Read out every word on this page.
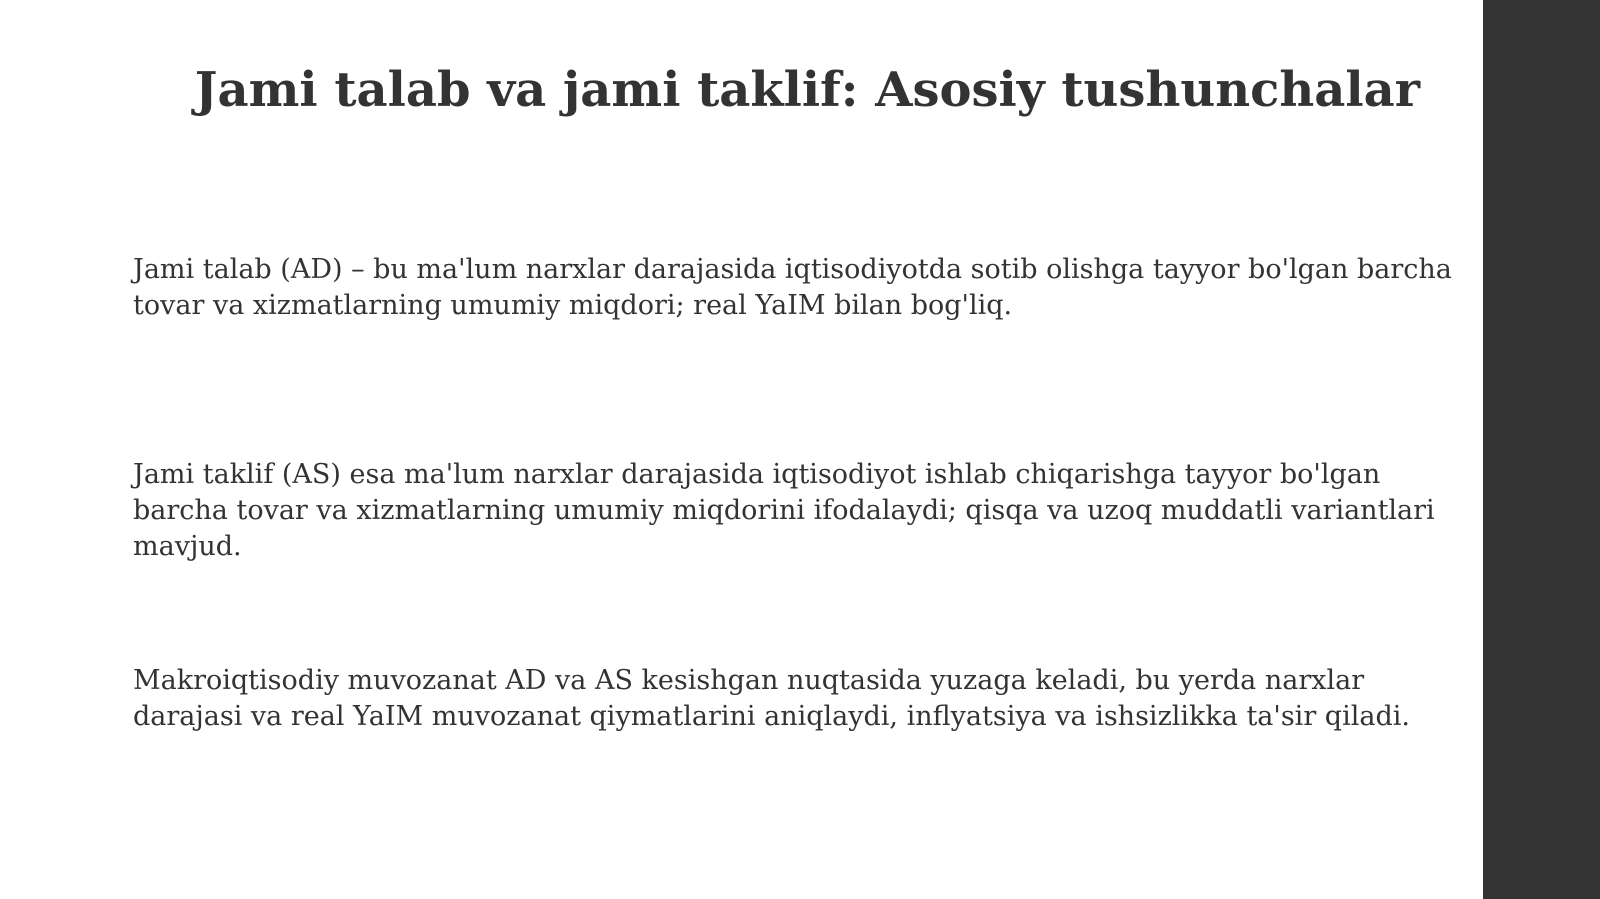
Jami talab va jami taklif: Asosiy tushunchalar

Jami talab (AD) – bu ma'lum narxlar darajasida iqtisodiyotda sotib olishga tayyor bo'lgan barcha tovar va xizmatlarning umumiy miqdori; real YaIM bilan bog'liq.

Jami taklif (AS) esa ma'lum narxlar darajasida iqtisodiyot ishlab chiqarishga tayyor bo'lgan barcha tovar va xizmatlarning umumiy miqdorini ifodalaydi; qisqa va uzoq muddatli variantlari mavjud.

Makroiqtisodiy muvozanat AD va AS kesishgan nuqtasida yuzaga keladi, bu yerda narxlar darajasi va real YaIM muvozanat qiymatlarini aniqlaydi, inflyatsiya va ishsizlikka ta'sir qiladi.
